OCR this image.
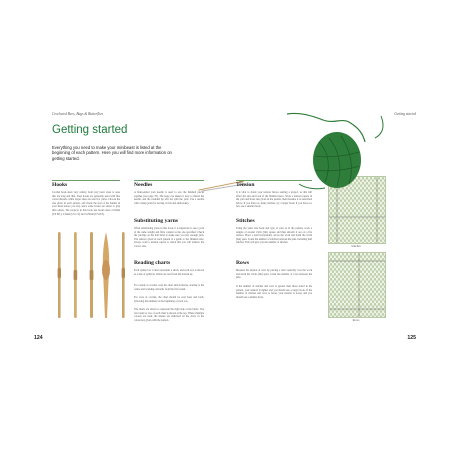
Crocheted Bees, Bugs & Butterflies
Getting started
Everything you need to make your minibeast is listed at the beginning of each pattern. Here you will find more information on getting started.
Hooks
Crochet hook sizes vary widely, from very basic sizes to ones that are long and thin. Steel hooks are generally used with fine cotton threads, while larger sizes are used for yarns. Choose the size given in each pattern, and check the feel of the handle in your hand before you buy, since some hooks are easier to grip than others. The projects in this book use hooks sizes 2.25mm (US B/1), 2.5mm (US C/2) and 3.25mm (US D/3).
Needles
A blunt-ended yarn needle is used to sew the finished pieces together (see page 33). The large eye makes it easy to thread the needle, and the rounded tip will not split the yarn. Use a needle with a sharp point for sewing on felt and embroidery.
Substituting yarns
When substituting yarns in this book, it is important to use a yarn of the same weight and fibre content as the one specified. Check the yardage on the ball band to make sure you buy enough yarn. The tension given in each pattern is a guide to the finished size; always work a tension square to check that you will achieve the correct size.
Reading charts
Each symbol on a chart represents a stitch, and each row is shown as a line of symbols. Charts are read from the bottom up.
For rounds of crochet, read the chart anticlockwise, starting at the centre and working outwards from the first round.
For rows of crochet, the chart should be read back and forth, following the numbers at the beginning of each row.
The charts are drawn to represent the right side of the fabric. The last round or row of each chart is shown at the top. Where multiple colours are used, the shades are indicated on the chart, in the colour key given with the pattern.
124
Getting started
Tension
It is vital to check your tension before starting a project, as this will affect the size and look of the finished piece. Work a tension square in the yarn and hook size given in the pattern, then measure it as described below. If you have too many stitches, try a larger hook; if you have too few, use a smaller hook.
Stitches
Using the same size hook and type of yarn as in the pattern, work a sample of around 13cm (5in) square and then smooth it out on a flat surface. Place a ruler horizontally across the work and mark the 10cm (4in) span. Count the number of stitches between the pins, including half stitches. This will give you the number of stitches.
Rows
Measure the tension of rows by placing a ruler vertically over the work and mark the 10cm (4in) span. Count the number of rows between the pins.
If the number of stitches and rows is greater than those stated in the pattern, your tension is tighter and you should use a larger hook. If the number of stitches and rows is fewer, your tension is looser and you should use a smaller hook.
Stitches
Rows
125
